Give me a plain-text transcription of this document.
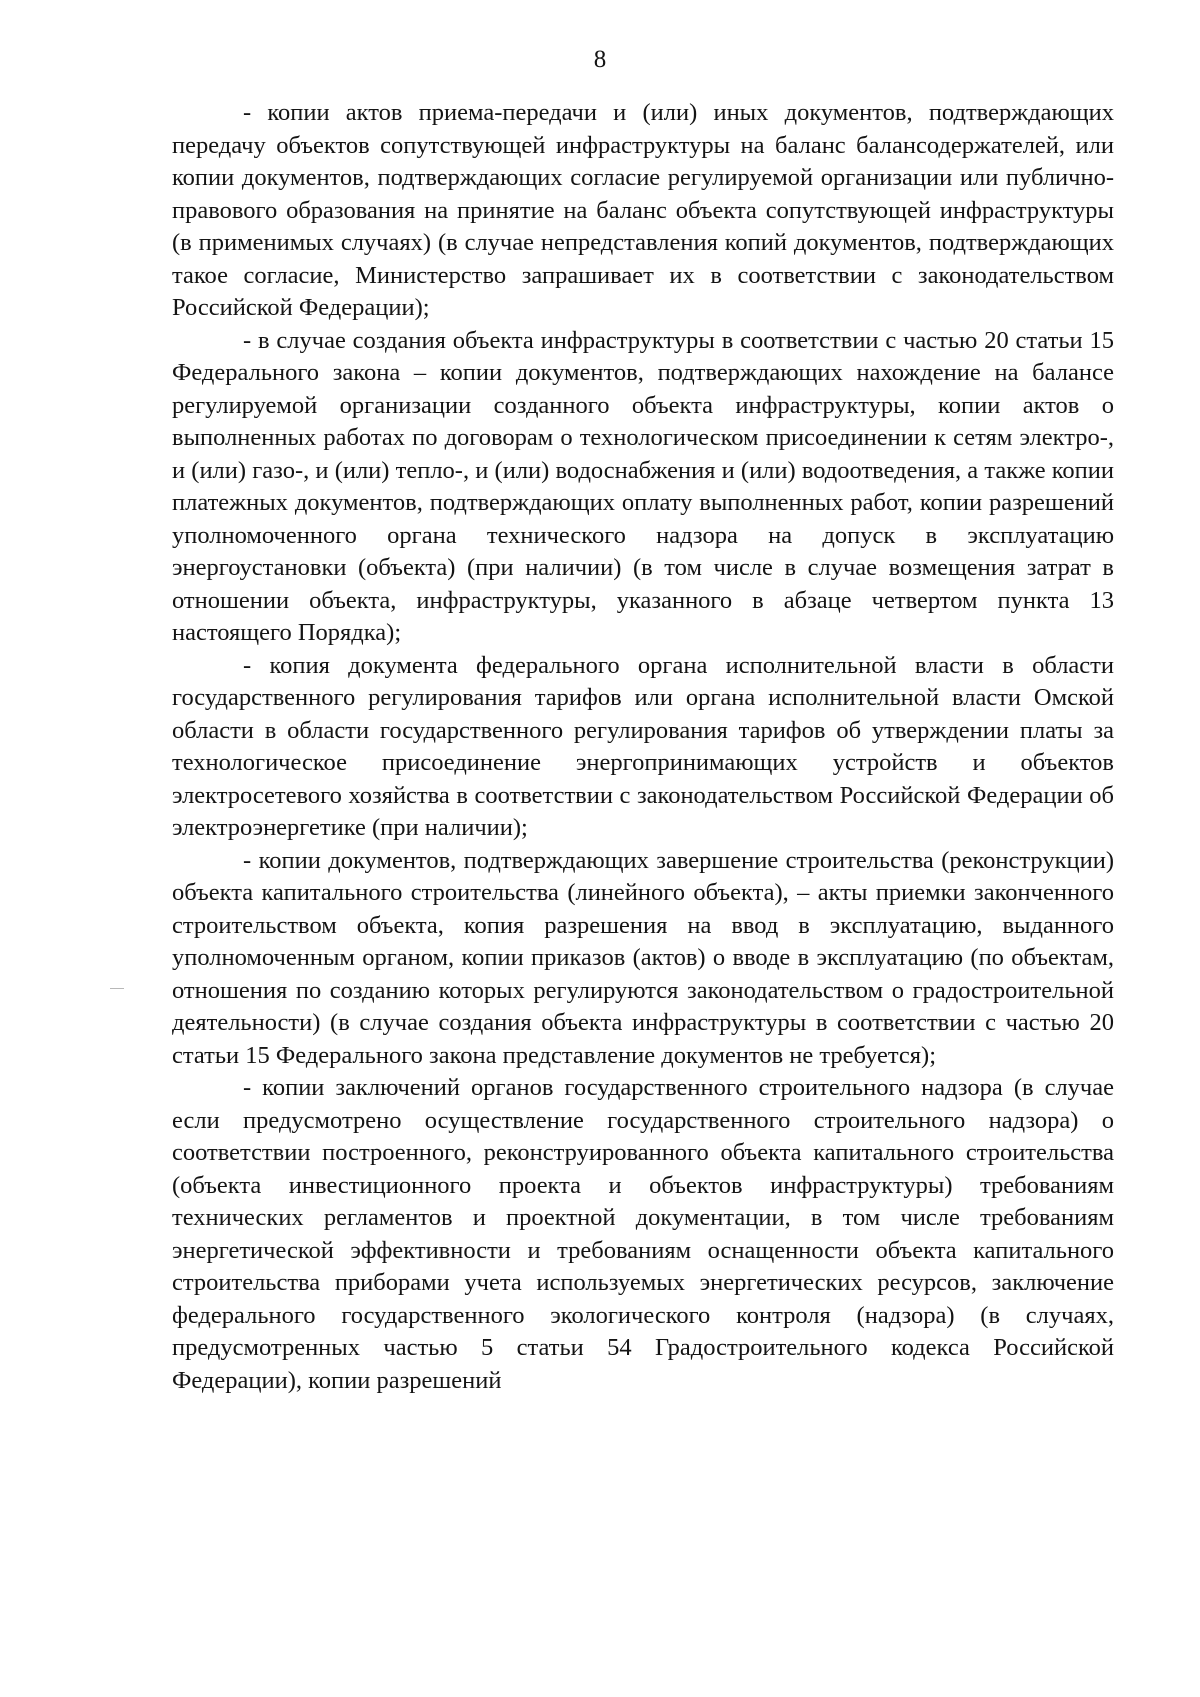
8

- копии актов приема-передачи и (или) иных документов, подтверждающих передачу объектов сопутствующей инфраструктуры на баланс балансодержателей, или копии документов, подтверждающих согласие регулируемой организации или публично-правового образования на принятие на баланс объекта сопутствующей инфраструктуры (в применимых случаях) (в случае непредставления копий документов, подтверждающих такое согласие, Министерство запрашивает их в соответствии с законодательством Российской Федерации);

- в случае создания объекта инфраструктуры в соответствии с частью 20 статьи 15 Федерального закона – копии документов, подтверждающих нахождение на балансе регулируемой организации созданного объекта инфраструктуры, копии актов о выполненных работах по договорам о технологическом присоединении к сетям электро-, и (или) газо-, и (или) тепло-, и (или) водоснабжения и (или) водоотведения, а также копии платежных документов, подтверждающих оплату выполненных работ, копии разрешений уполномоченного органа технического надзора на допуск в эксплуатацию энергоустановки (объекта) (при наличии) (в том числе в случае возмещения затрат в отношении объекта, инфраструктуры, указанного в абзаце четвертом пункта 13 настоящего Порядка);

- копия документа федерального органа исполнительной власти в области государственного регулирования тарифов или органа исполнительной власти Омской области в области государственного регулирования тарифов об утверждении платы за технологическое присоединение энергопринимающих устройств и объектов электросетевого хозяйства в соответствии с законодательством Российской Федерации об электроэнергетике (при наличии);

- копии документов, подтверждающих завершение строительства (реконструкции) объекта капитального строительства (линейного объекта), – акты приемки законченного строительством объекта, копия разрешения на ввод в эксплуатацию, выданного уполномоченным органом, копии приказов (актов) о вводе в эксплуатацию (по объектам, отношения по созданию которых регулируются законодательством о градостроительной деятельности) (в случае создания объекта инфраструктуры в соответствии с частью 20 статьи 15 Федерального закона представление документов не требуется);

- копии заключений органов государственного строительного надзора (в случае если предусмотрено осуществление государственного строительного надзора) о соответствии построенного, реконструированного объекта капитального строительства (объекта инвестиционного проекта и объектов инфраструктуры) требованиям технических регламентов и проектной документации, в том числе требованиям энергетической эффективности и требованиям оснащенности объекта капитального строительства приборами учета используемых энергетических ресурсов, заключение федерального государственного экологического контроля (надзора) (в случаях, предусмотренных частью 5 статьи 54 Градостроительного кодекса Российской Федерации), копии разрешений
